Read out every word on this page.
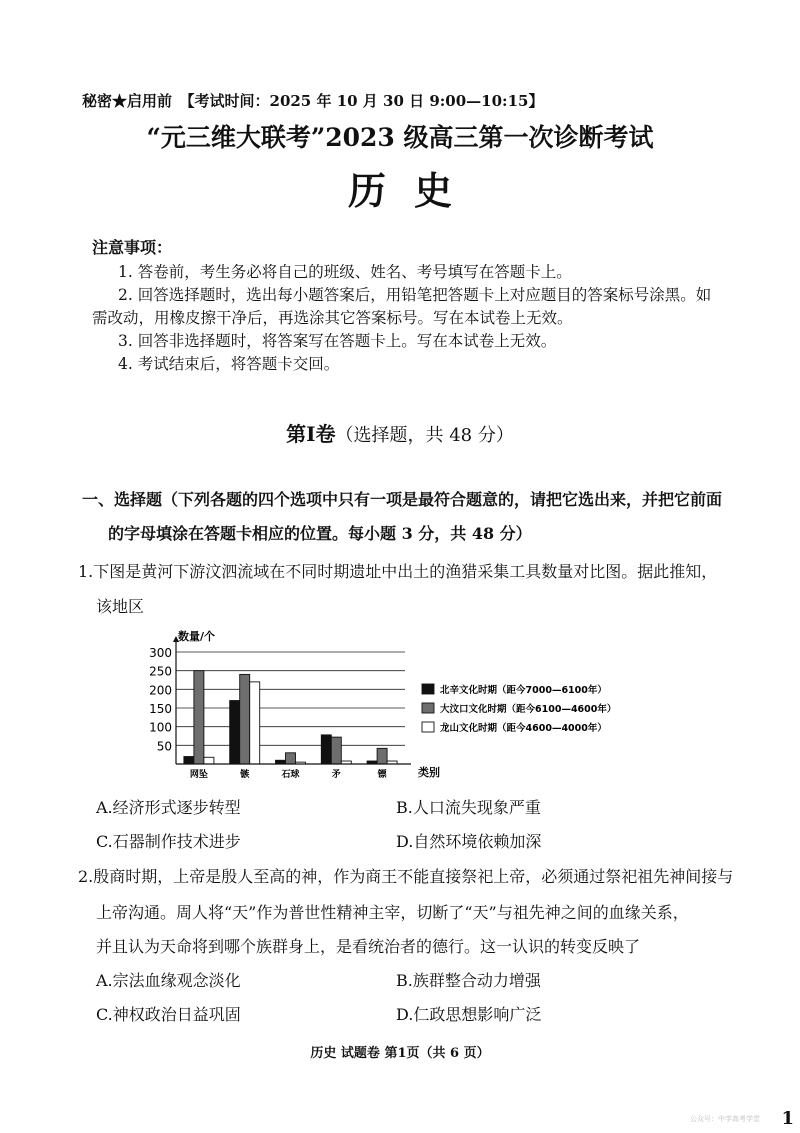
秘密★启用前　【考试时间：2025 年 10 月 30 日 9:00—10:15】
“元三维大联考”2023 级高三第一次诊断考试
历史
注意事项：
1. 答卷前，考生务必将自己的班级、姓名、考号填写在答题卡上。
2. 回答选择题时，选出每小题答案后，用铅笔把答题卡上对应题目的答案标号涂黑。如
需改动，用橡皮擦干净后，再选涂其它答案标号。写在本试卷上无效。
3. 回答非选择题时，将答案写在答题卡上。写在本试卷上无效。
4. 考试结束后，将答题卡交回。
第Ⅰ卷（选择题，共 48 分）
一、选择题（下列各题的四个选项中只有一项是最符合题意的，请把它选出来，并把它前面
的字母填涂在答题卡相应的位置。每小题 3 分，共 48 分）
1.下图是黄河下游汶泗流域在不同时期遗址中出土的渔猎采集工具数量对比图。据此推知，
该地区
50
100
150
200
250
300
网坠	镞	石球	矛	镖
数量/个
类别
北辛文化时期（距今7000—6100年）
大汶口文化时期（距今6100—4600年）
龙山文化时期（距今4600—4000年）
A.经济形式逐步转型	B.人口流失现象严重
C.石器制作技术进步	D.自然环境依赖加深
2.殷商时期，上帝是殷人至高的神，作为商王不能直接祭祀上帝，必须通过祭祀祖先神间接与
上帝沟通。周人将“天”作为普世性精神主宰，切断了“天”与祖先神之间的血缘关系，
并且认为天命将到哪个族群身上，是看统治者的德行。这一认识的转变反映了
A.宗法血缘观念淡化	B.族群整合动力增强
C.神权政治日益巩固	D.仁政思想影响广泛
历史 试题卷 第1页（共 6 页）
公众号：中学高考学堂 1
